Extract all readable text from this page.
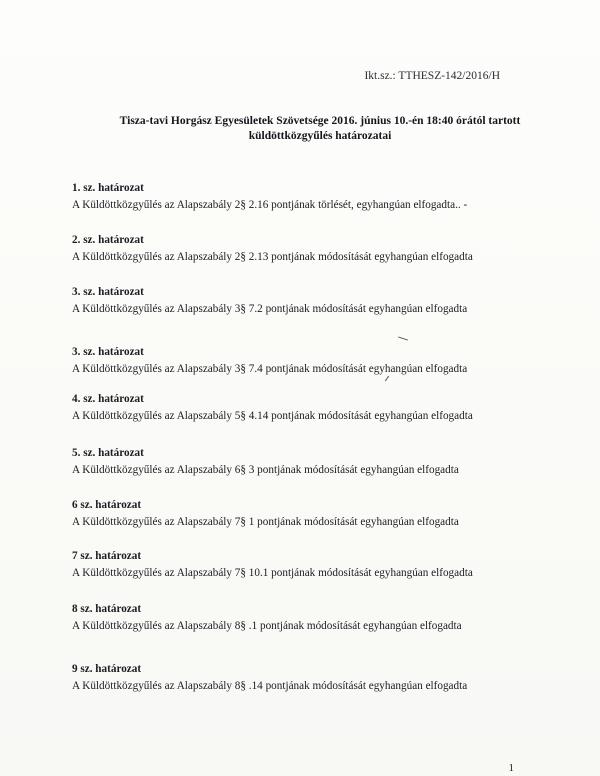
Ikt.sz.: TTHESZ-142/2016/H
Tisza-tavi Horgász Egyesületek Szövetsége 2016. június 10.-én 18:40 órától tartott
küldöttközgyűlés határozatai
1. sz. határozat
A Küldöttközgyűlés az Alapszabály 2§ 2.16 pontjának törlését, egyhangúan elfogadta.. -
2. sz. határozat
A Küldöttközgyűlés az Alapszabály 2§ 2.13 pontjának módosítását egyhangúan elfogadta
3. sz. határozat
A Küldöttközgyűlés az Alapszabály 3§ 7.2 pontjának módosítását egyhangúan elfogadta
3. sz. határozat
A Küldöttközgyűlés az Alapszabály 3§ 7.4 pontjának módosítását egyhangúan elfogadta
4. sz. határozat
A Küldöttközgyűlés az Alapszabály 5§ 4.14 pontjának módosítását egyhangúan elfogadta
5. sz. határozat
A Küldöttközgyűlés az Alapszabály 6§ 3 pontjának módosítását egyhangúan elfogadta
6 sz. határozat
A Küldöttközgyűlés az Alapszabály 7§ 1 pontjának módosítását egyhangúan elfogadta
7 sz. határozat
A Küldöttközgyűlés az Alapszabály 7§ 10.1 pontjának módosítását egyhangúan elfogadta
8 sz. határozat
A Küldöttközgyűlés az Alapszabály 8§ .1 pontjának módosítását egyhangúan elfogadta
9 sz. határozat
A Küldöttközgyűlés az Alapszabály 8§ .14 pontjának módosítását egyhangúan elfogadta
1
